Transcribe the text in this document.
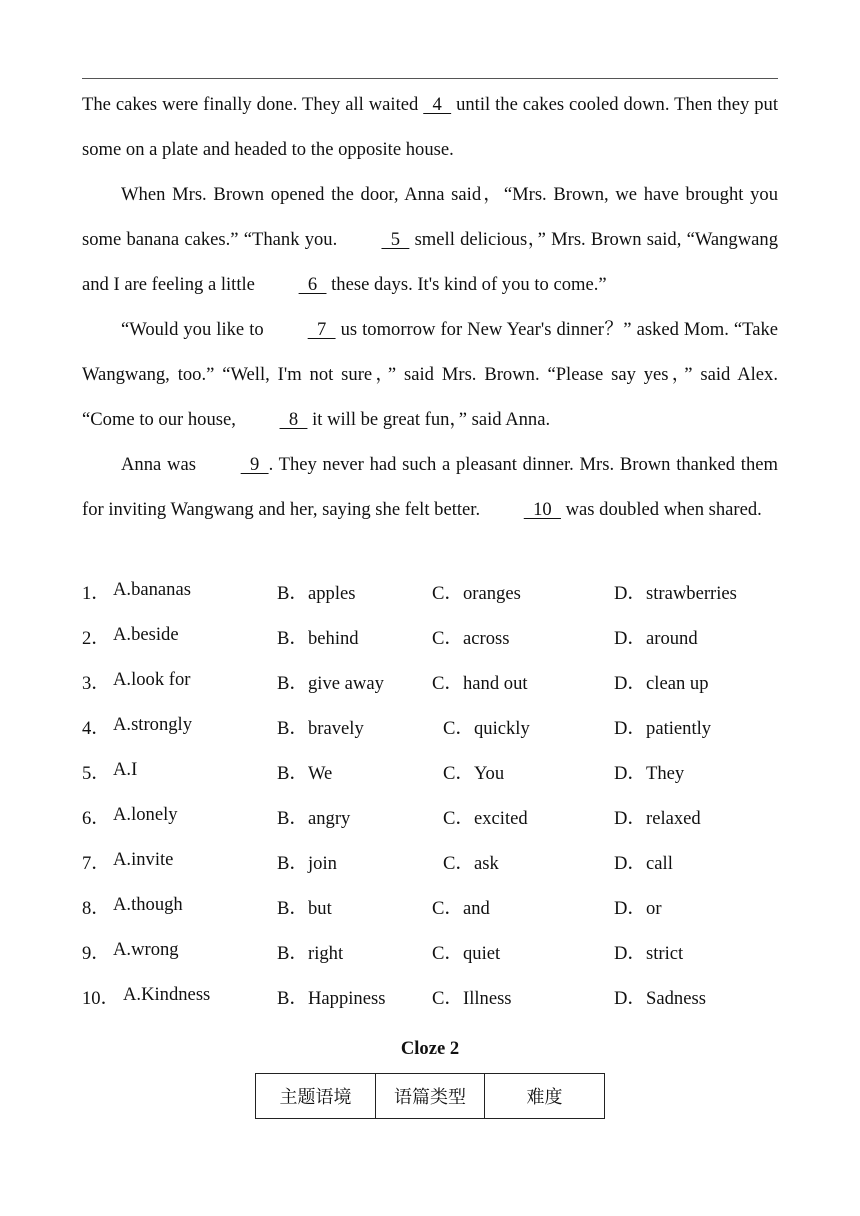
The cakes were finally done. They all waited   4   until the cakes cooled down. Then they put some on a plate and headed to the opposite house.

When Mrs. Brown opened the door, Anna said，“Mrs. Brown, we have brought you some banana cakes.” “Thank you.   5   smell delicious，” Mrs. Brown said, “Wangwang and I are feeling a little   6   these days. It's kind of you to come.”

“Would you like to   7   us tomorrow for New Year's dinner？” asked Mom. “Take Wangwang, too.” “Well, I'm not sure，” said Mrs. Brown. “Please say yes，” said Alex. “Come to our house,   8   it will be great fun，” said Anna.

Anna was   9  . They never had such a pleasant dinner. Mrs. Brown thanked them for inviting Wangwang and her, saying she felt better.   10   was doubled when shared.

1． A.bananas	B．apples	C．oranges	D．strawberries
2． A.beside	B．behind	C．across	D．around
3． A.look for	B．give away	C．hand out	D．clean up
4． A.strongly	B．bravely	C．quickly	D．patiently
5． A.I	B．We	C．You	D．They
6． A.lonely	B．angry	C．excited	D．relaxed
7． A.invite	B．join	C．ask	D．call
8． A.though	B．but	C．and	D．or
9． A.wrong	B．right	C．quiet	D．strict
10． A.Kindness	B．Happiness	C．Illness	D．Sadness
Cloze 2
主题语境	语篇类型	难度
